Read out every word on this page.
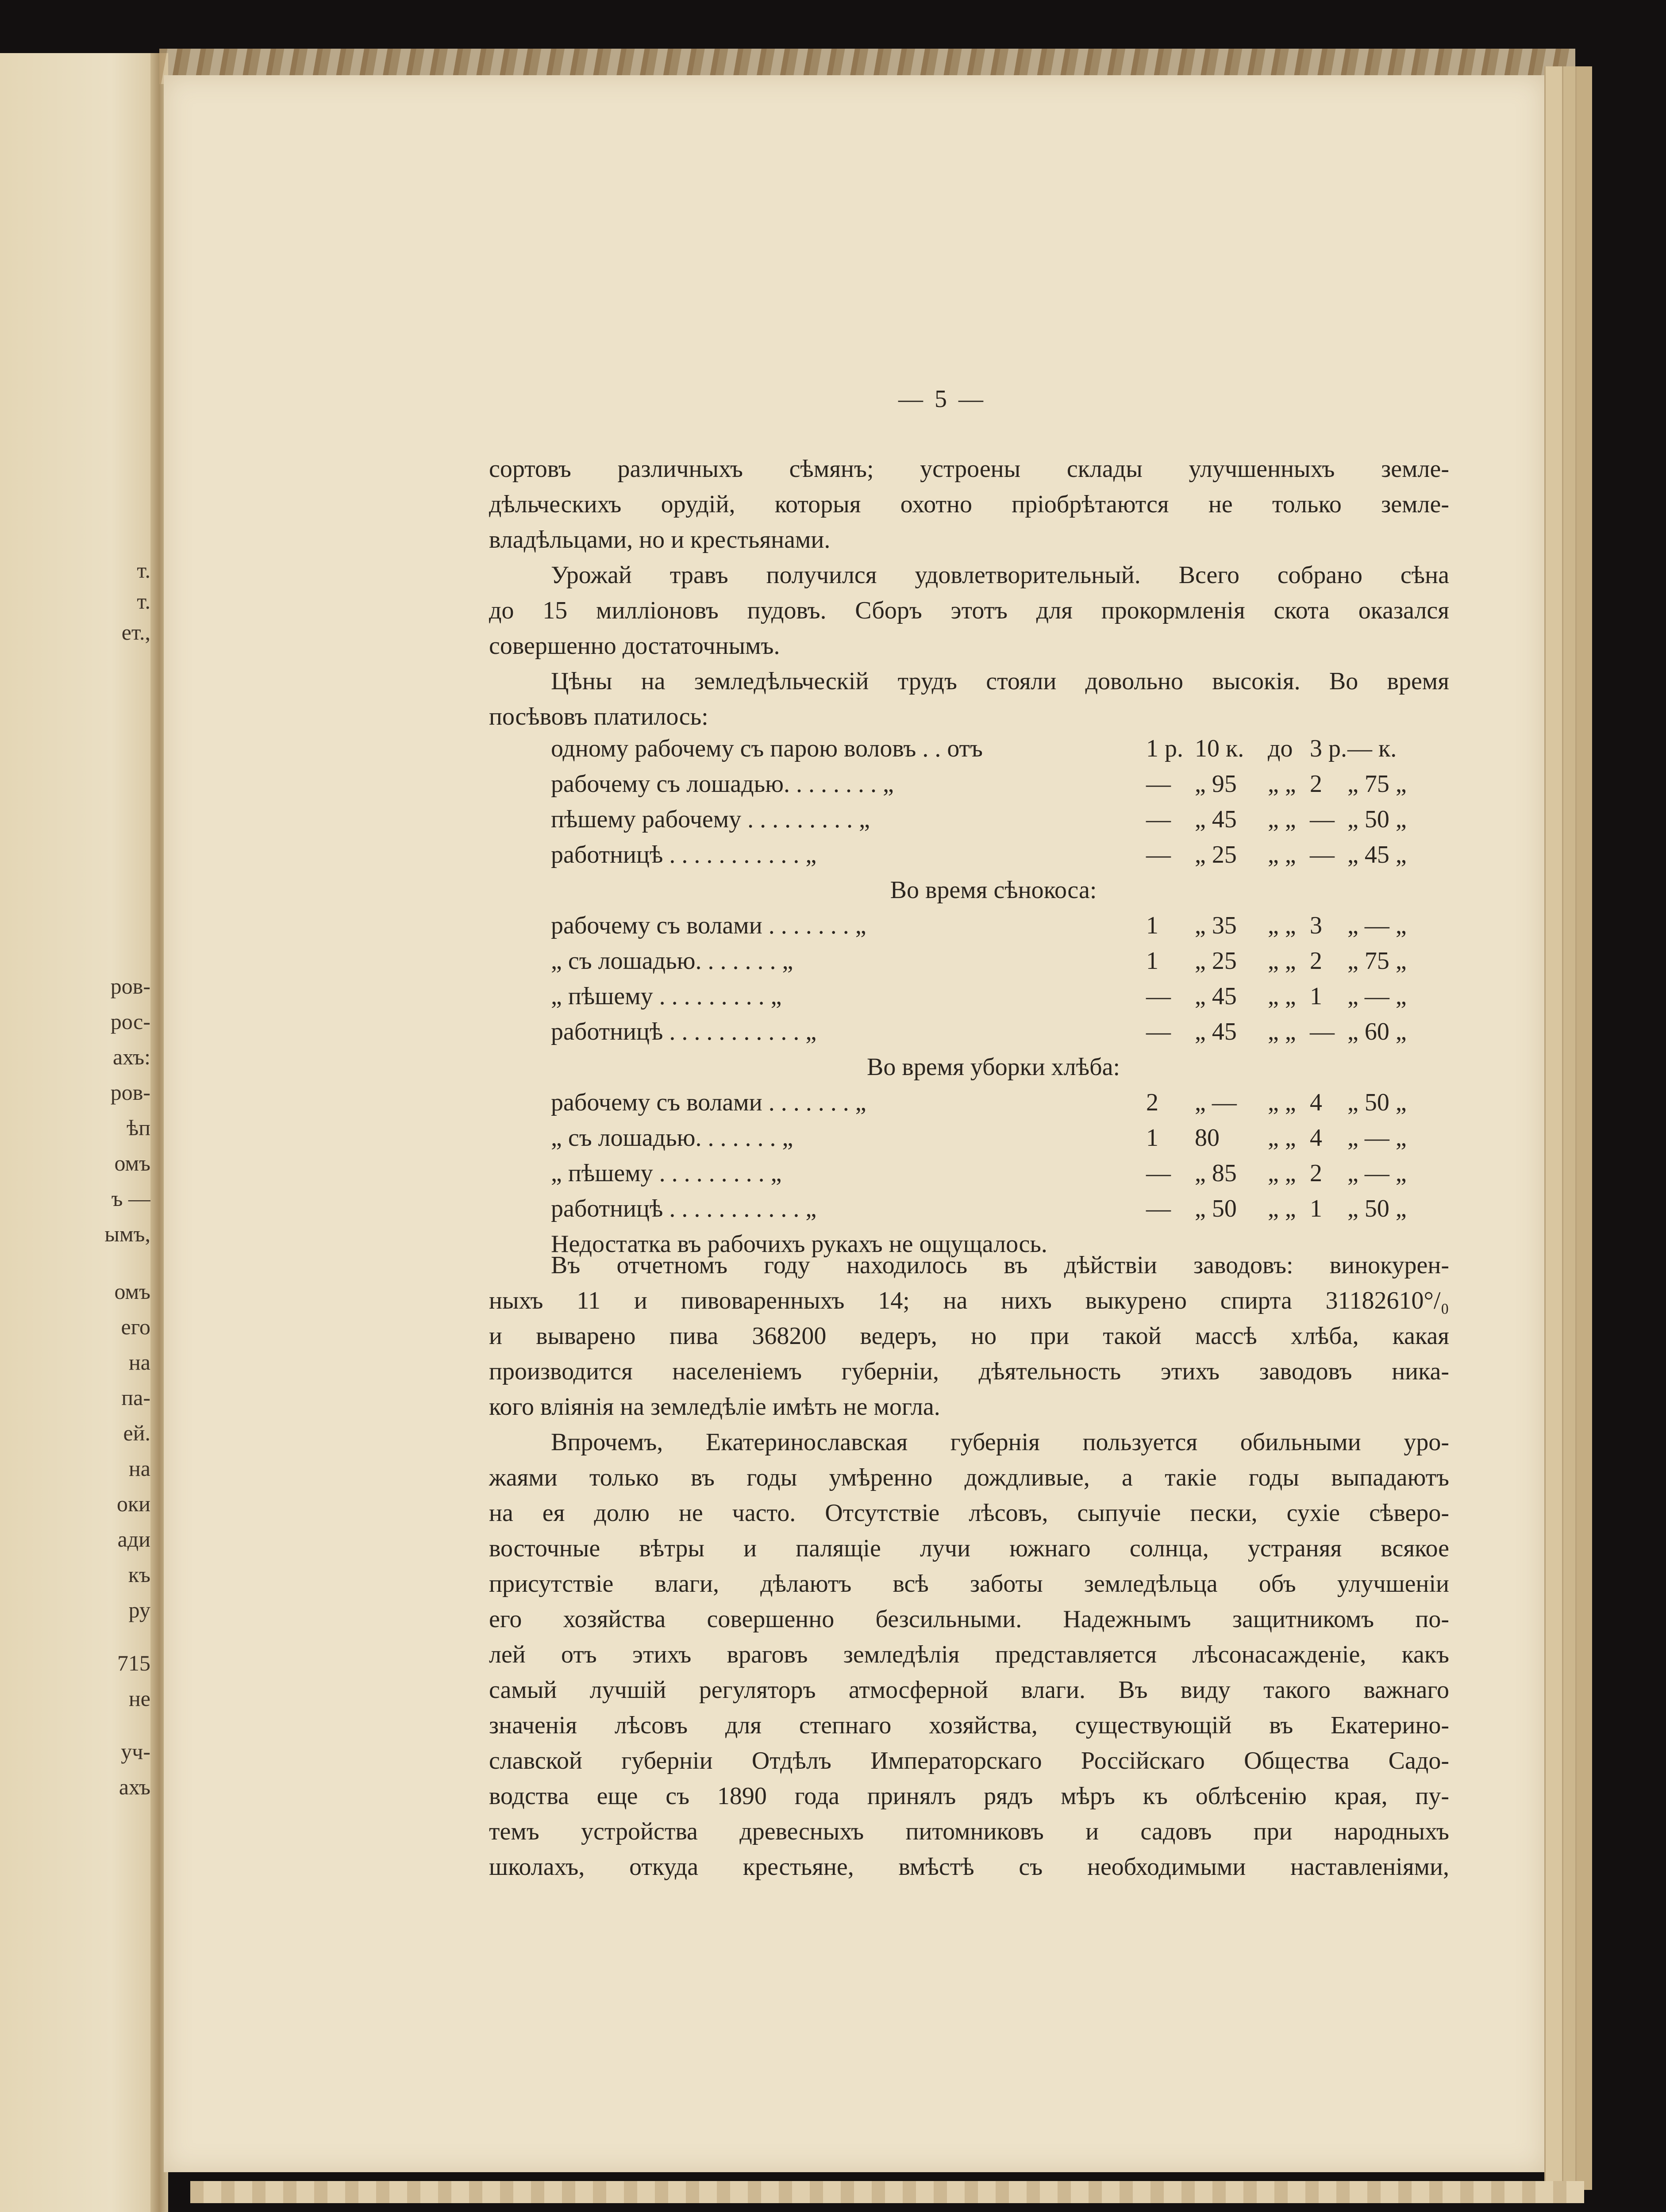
т.
т.
ет.,
ров-
рос-
ахъ:
ров-
ѣп
омъ
ъ —
ымъ,
омъ
его
на
па-
ей.
на
оки
ади
къ
ру
715
не
уч-
ахъ
— 5 —
сортовъ различныхъ сѣмянъ; устроены склады улучшенныхъ земле-
дѣльческихъ орудій, которыя охотно пріобрѣтаются не только земле-
владѣльцами, но и крестьянами.
Урожай травъ получился удовлетворительный. Всего собрано сѣна
до 15 милліоновъ пудовъ. Сборъ этотъ для прокормленія скота оказался
совершенно достаточнымъ.
Цѣны на земледѣльческій трудъ стояли довольно высокія. Во время
посѣвовъ платилось:
одному рабочему съ парою воловъ . . отъ	1 р. 10 к. до 3 р. — к.
рабочему съ лошадью. . . . . . . . „	— „ 95 „ „ 2 „ 75 „
пѣшему рабочему . . . . . . . . . „	— „ 45 „ „ — „ 50 „
работницѣ . . . . . . . . . . . „	— „ 25 „ „ — „ 45 „
Во время сѣнокоса:
рабочему съ волами . . . . . . . „	1 „ 35 „ „ 3 „ — „
„ съ лошадью. . . . . . . „	1 „ 25 „ „ 2 „ 75 „
„ пѣшему . . . . . . . . . „	— „ 45 „ „ 1 „ — „
работницѣ . . . . . . . . . . . „	— „ 45 „ „ — „ 60 „
Во время уборки хлѣба:
рабочему съ волами . . . . . . . „	2 „ — „ „ 4 „ 50 „
„ съ лошадью. . . . . . . „	1 80 „ „ 4 „ — „
„ пѣшему . . . . . . . . . „	— „ 85 „ „ 2 „ — „
работницѣ . . . . . . . . . . . „	— „ 50 „ „ 1 „ 50 „
Недостатка въ рабочихъ рукахъ не ощущалось.
Въ отчетномъ году находилось въ дѣйствіи заводовъ: винокурен-
ныхъ 11 и пивоваренныхъ 14; на нихъ выкурено спирта 31182610°/₀
и выварено пива 368200 ведеръ, но при такой массѣ хлѣба, какая
производится населеніемъ губерніи, дѣятельность этихъ заводовъ ника-
кого вліянія на земледѣліе имѣть не могла.
Впрочемъ, Екатеринославская губернія пользуется обильными уро-
жаями только въ годы умѣренно дождливые, а такіе годы выпадаютъ
на ея долю не часто. Отсутствіе лѣсовъ, сыпучіе пески, сухіе сѣверо-
восточные вѣтры и палящіе лучи южнаго солнца, устраняя всякое
присутствіе влаги, дѣлаютъ всѣ заботы земледѣльца объ улучшеніи
его хозяйства совершенно безсильными. Надежнымъ защитникомъ по-
лей отъ этихъ враговъ земледѣлія представляется лѣсонасажденіе, какъ
самый лучшій регуляторъ атмосферной влаги. Въ виду такого важнаго
значенія лѣсовъ для степнаго хозяйства, существующій въ Екатерино-
славской губерніи Отдѣлъ Императорскаго Россійскаго Общества Садо-
водства еще съ 1890 года принялъ рядъ мѣръ къ облѣсенію края, пу-
темъ устройства древесныхъ питомниковъ и садовъ при народныхъ
школахъ, откуда крестьяне, вмѣстѣ съ необходимыми наставленіями,
